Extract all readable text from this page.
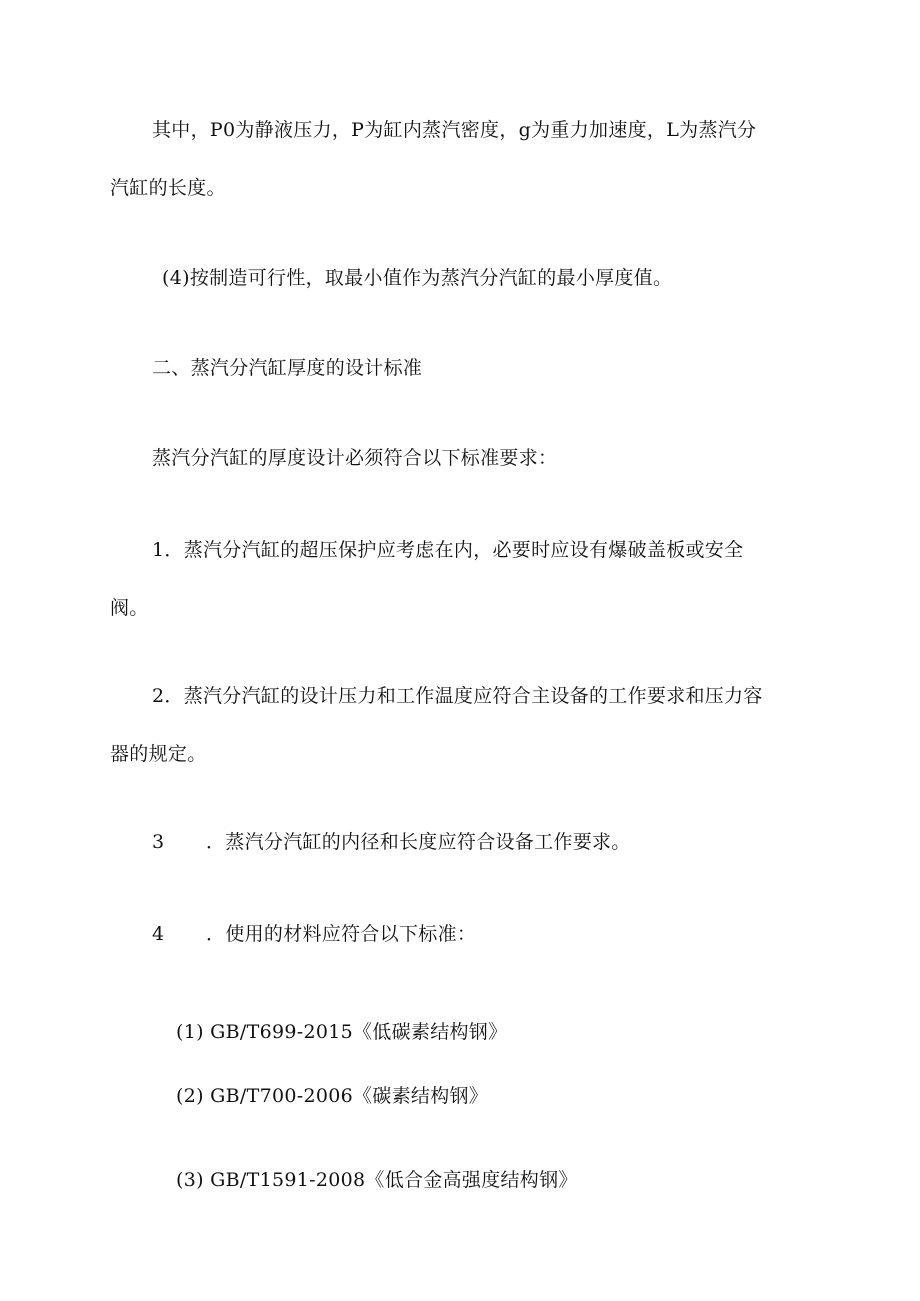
其中，P0为静液压力，P为缸内蒸汽密度，g为重力加速度，L为蒸汽分
汽缸的长度。
(4)按制造可行性，取最小值作为蒸汽分汽缸的最小厚度值。
二、蒸汽分汽缸厚度的设计标准
蒸汽分汽缸的厚度设计必须符合以下标准要求：
1．蒸汽分汽缸的超压保护应考虑在内，必要时应设有爆破盖板或安全
阀。
2．蒸汽分汽缸的设计压力和工作温度应符合主设备的工作要求和压力容
器的规定。
3 ．蒸汽分汽缸的内径和长度应符合设备工作要求。
4 ．使用的材料应符合以下标准：
(1) GB/T699-2015《低碳素结构钢》
(2) GB/T700-2006《碳素结构钢》
(3) GB/T1591-2008《低合金高强度结构钢》
